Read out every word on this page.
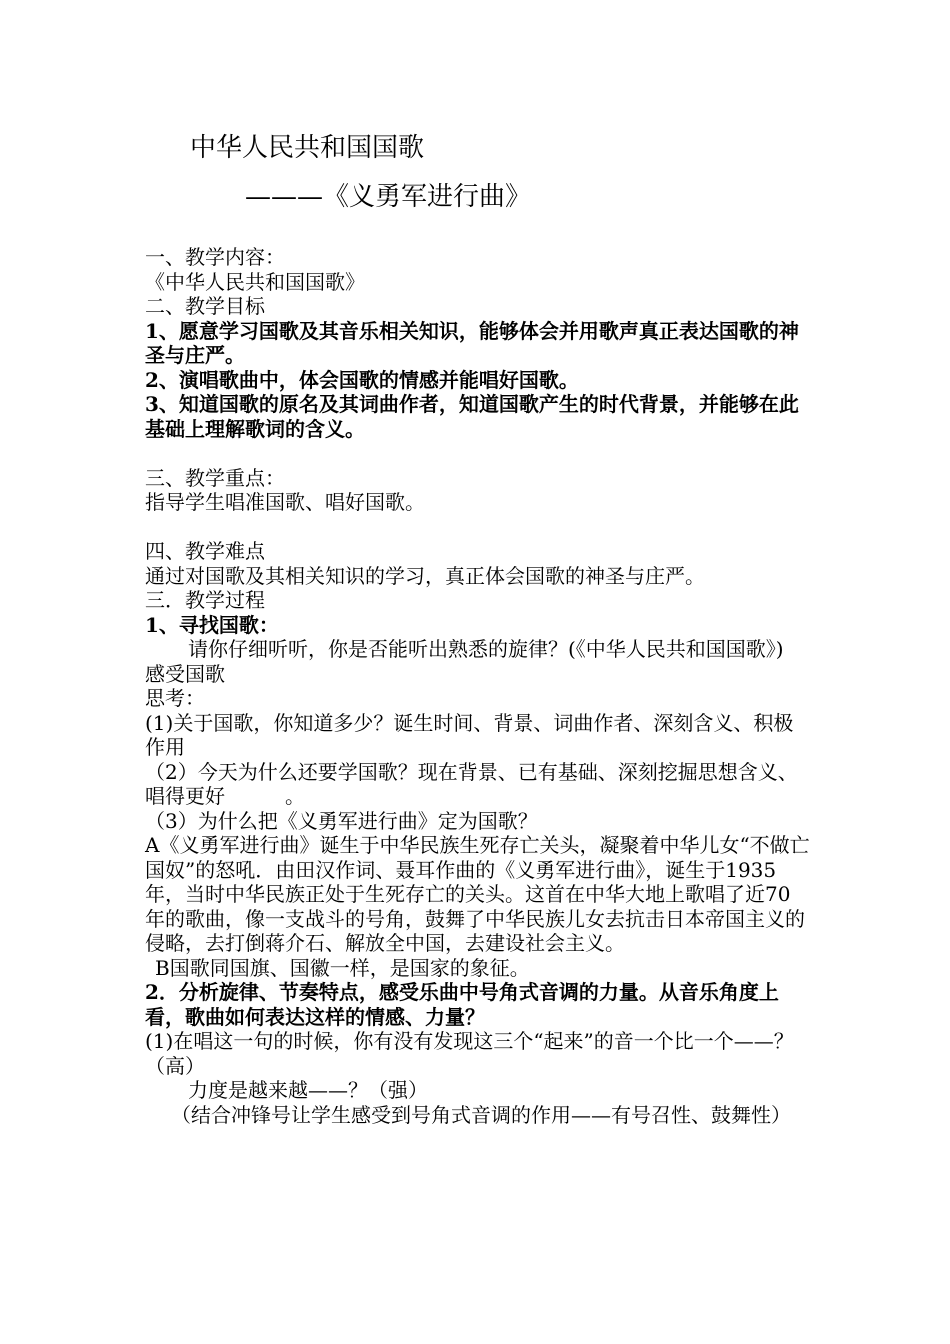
中华人民共和国国歌
———《义勇军进行曲》

一、教学内容：

《中华人民共和国国歌》

二、教学目标

1、愿意学习国歌及其音乐相关知识，能够体会并用歌声真正表达国歌的神圣与庄严。

2、演唱歌曲中，体会国歌的情感并能唱好国歌。

3、知道国歌的原名及其词曲作者，知道国歌产生的时代背景，并能够在此基础上理解歌词的含义。

三、教学重点：

指导学生唱准国歌、唱好国歌。

四、教学难点

通过对国歌及其相关知识的学习，真正体会国歌的神圣与庄严。

三．教学过程

1、寻找国歌：

请你仔细听听，你是否能听出熟悉的旋律？(《中华人民共和国国歌》)

感受国歌

思考：

(1)关于国歌，你知道多少？诞生时间、背景、词曲作者、深刻含义、积极作用

（2）今天为什么还要学国歌？现在背景、已有基础、深刻挖掘思想含义、唱得更好　　　。

（3）为什么把《义勇军进行曲》定为国歌？

A《义勇军进行曲》诞生于中华民族生死存亡关头，凝聚着中华儿女“不做亡国奴”的怒吼．由田汉作词、聂耳作曲的《义勇军进行曲》，诞生于1935年，当时中华民族正处于生死存亡的关头。这首在中华大地上歌唱了近70年的歌曲，像一支战斗的号角，鼓舞了中华民族儿女去抗击日本帝国主义的侵略，去打倒蒋介石、解放全中国，去建设社会主义。

B国歌同国旗、国徽一样，是国家的象征。

2．分析旋律、节奏特点，感受乐曲中号角式音调的力量。从音乐角度上看，歌曲如何表达这样的情感、力量？

(1)在唱这一句的时候，你有没有发现这三个“起来”的音一个比一个——？（高）

力度是越来越——？（强）

（结合冲锋号让学生感受到号角式音调的作用——有号召性、鼓舞性）
